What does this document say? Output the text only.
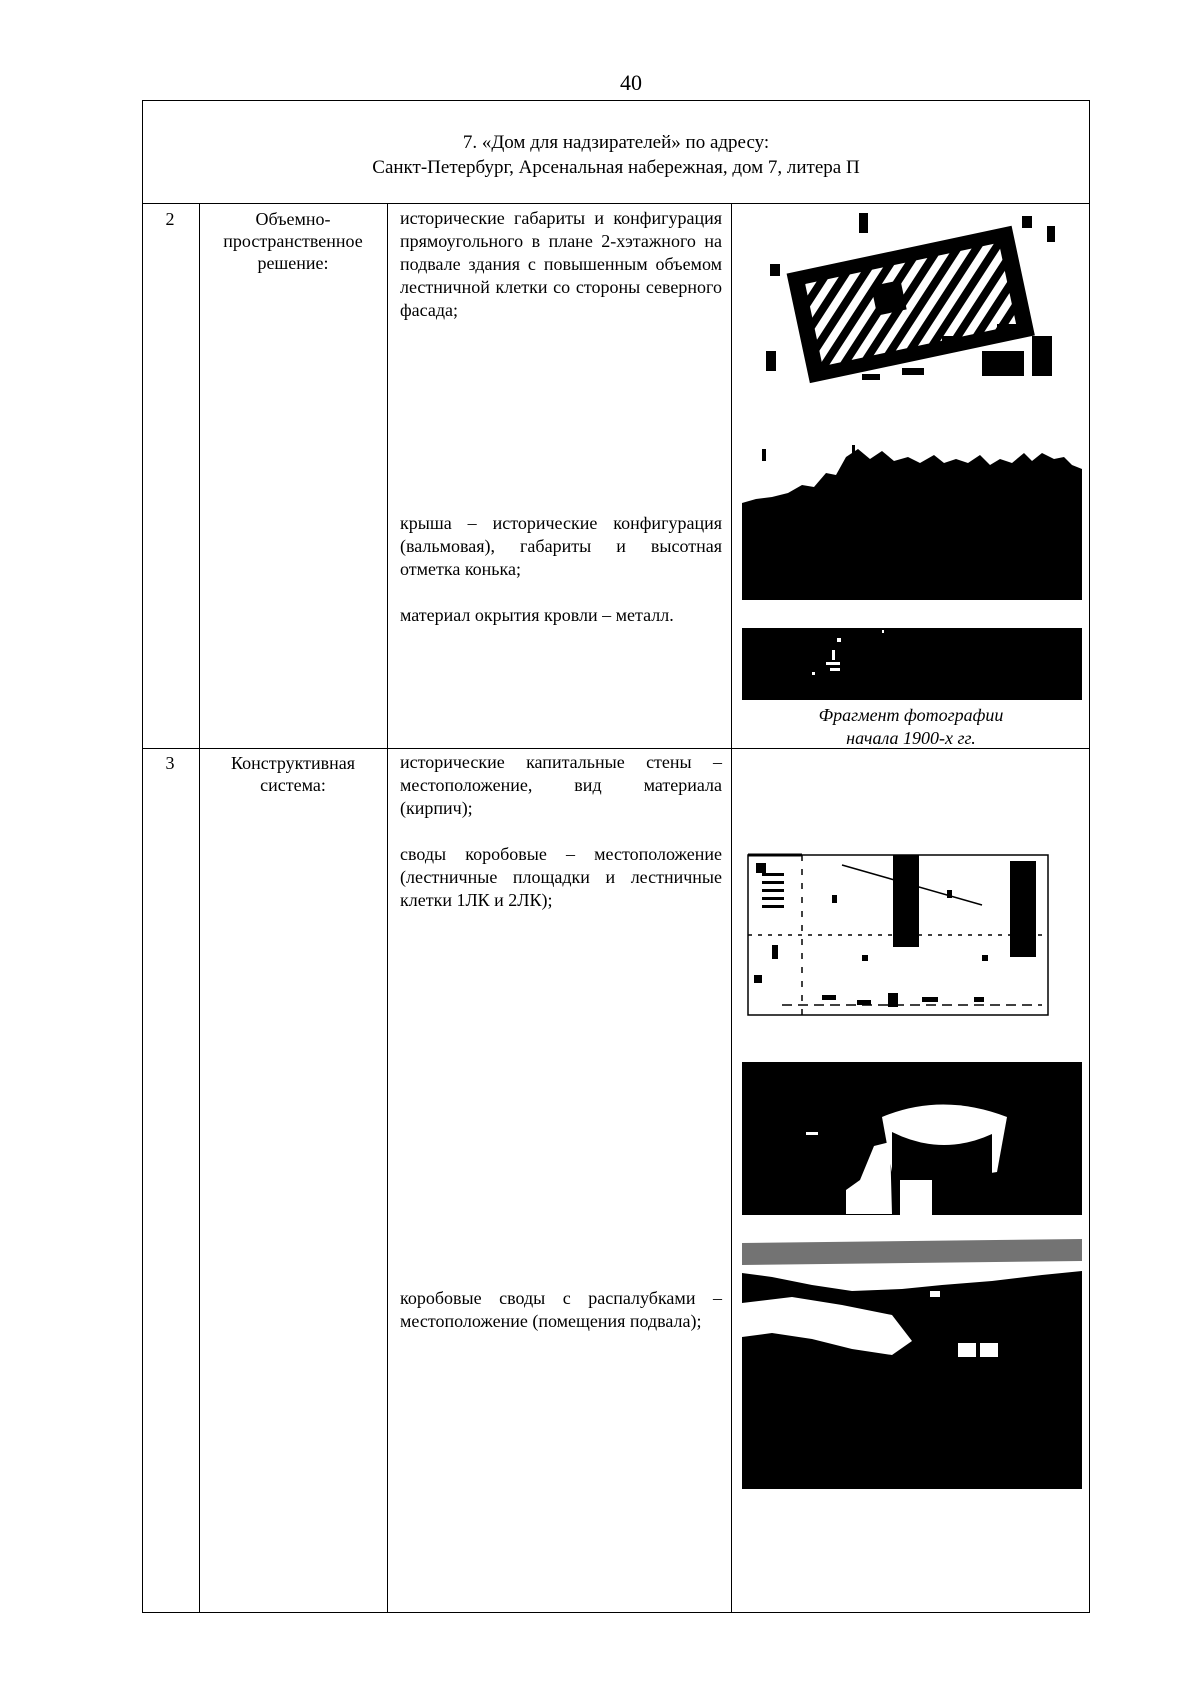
40
7. «Дом для надзирателей» по адресу:
Санкт-Петербург, Арсенальная набережная, дом 7, литера П
2	Объемно-
пространственное
решение:
исторические габариты и конфигурация прямоугольного в плане 2-хэтажного на подвале здания с повышенным объемом лестничной клетки со стороны северного фасада;
крыша – исторические конфигурация (вальмовая), габариты и высотная отметка конька;
материал окрытия кровли – металл.
Фрагмент фотографии
начала 1900-х гг.
3	Конструктивная
система:
исторические капитальные стены – местоположение, вид материала (кирпич);
своды коробовые – местоположение (лестничные площадки и лестничные клетки 1ЛК и 2ЛК);
коробовые своды с распалубками – местоположение (помещения подвала);
